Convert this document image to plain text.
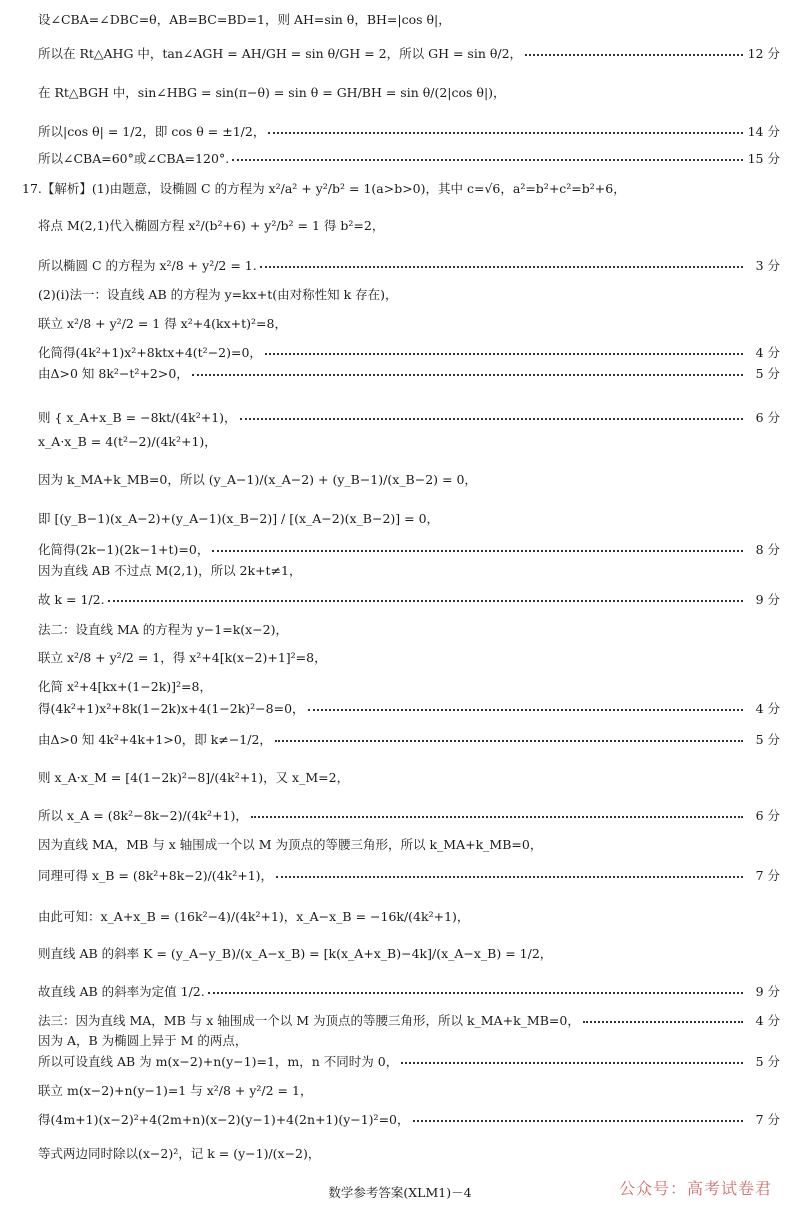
设∠CBA=∠DBC=θ，AB=BC=BD=1，则 AH=sin θ，BH=|cos θ|，
所以在 Rt△AHG 中，tan∠AGH = AH/GH = sin θ/GH = 2，所以 GH = sin θ/2，	12 分
在 Rt△BGH 中，sin∠HBG = sin(π−θ) = sin θ = GH/BH = sin θ/(2|cos θ|)，
所以|cos θ| = 1/2，即 cos θ = ±1/2，	14 分
所以∠CBA=60°或∠CBA=120°.	15 分
17.【解析】(1)由题意，设椭圆 C 的方程为 x²/a² + y²/b² = 1(a>b>0)，其中 c=√6，a²=b²+c²=b²+6，
将点 M(2,1)代入椭圆方程 x²/(b²+6) + y²/b² = 1 得 b²=2，
所以椭圆 C 的方程为 x²/8 + y²/2 = 1.	3 分
(2)(ⅰ)法一：设直线 AB 的方程为 y=kx+t(由对称性知 k 存在)，
联立 x²/8 + y²/2 = 1 得 x²+4(kx+t)²=8，
化简得(4k²+1)x²+8ktx+4(t²−2)=0，	4 分
由Δ>0 知 8k²−t²+2>0，	5 分
则 { x_A+x_B = −8kt/(4k²+1)，	6 分
x_A·x_B = 4(t²−2)/(4k²+1)，
因为 k_MA+k_MB=0，所以 (y_A−1)/(x_A−2) + (y_B−1)/(x_B−2) = 0，
即 [(y_B−1)(x_A−2)+(y_A−1)(x_B−2)] / [(x_A−2)(x_B−2)] = 0，
化简得(2k−1)(2k−1+t)=0，	8 分
因为直线 AB 不过点 M(2,1)，所以 2k+t≠1，
故 k = 1/2.	9 分
法二：设直线 MA 的方程为 y−1=k(x−2)，
联立 x²/8 + y²/2 = 1，得 x²+4[k(x−2)+1]²=8，
化简 x²+4[kx+(1−2k)]²=8，
得(4k²+1)x²+8k(1−2k)x+4(1−2k)²−8=0，	4 分
由Δ>0 知 4k²+4k+1>0，即 k≠−1/2，	5 分
则 x_A·x_M = [4(1−2k)²−8]/(4k²+1)，又 x_M=2，
所以 x_A = (8k²−8k−2)/(4k²+1)，	6 分
因为直线 MA，MB 与 x 轴围成一个以 M 为顶点的等腰三角形，所以 k_MA+k_MB=0，
同理可得 x_B = (8k²+8k−2)/(4k²+1)，	7 分
由此可知：x_A+x_B = (16k²−4)/(4k²+1)，x_A−x_B = −16k/(4k²+1)，
则直线 AB 的斜率 K = (y_A−y_B)/(x_A−x_B) = [k(x_A+x_B)−4k]/(x_A−x_B) = 1/2，
故直线 AB 的斜率为定值 1/2.	9 分
法三：因为直线 MA，MB 与 x 轴围成一个以 M 为顶点的等腰三角形，所以 k_MA+k_MB=0，	4 分
因为 A，B 为椭圆上异于 M 的两点，
所以可设直线 AB 为 m(x−2)+n(y−1)=1，m，n 不同时为 0，	5 分
联立 m(x−2)+n(y−1)=1 与 x²/8 + y²/2 = 1，
得(4m+1)(x−2)²+4(2m+n)(x−2)(y−1)+4(2n+1)(y−1)²=0，	7 分
等式两边同时除以(x−2)²，记 k = (y−1)/(x−2)，
数学参考答案(XLM1)－4	公众号：高考试卷君
